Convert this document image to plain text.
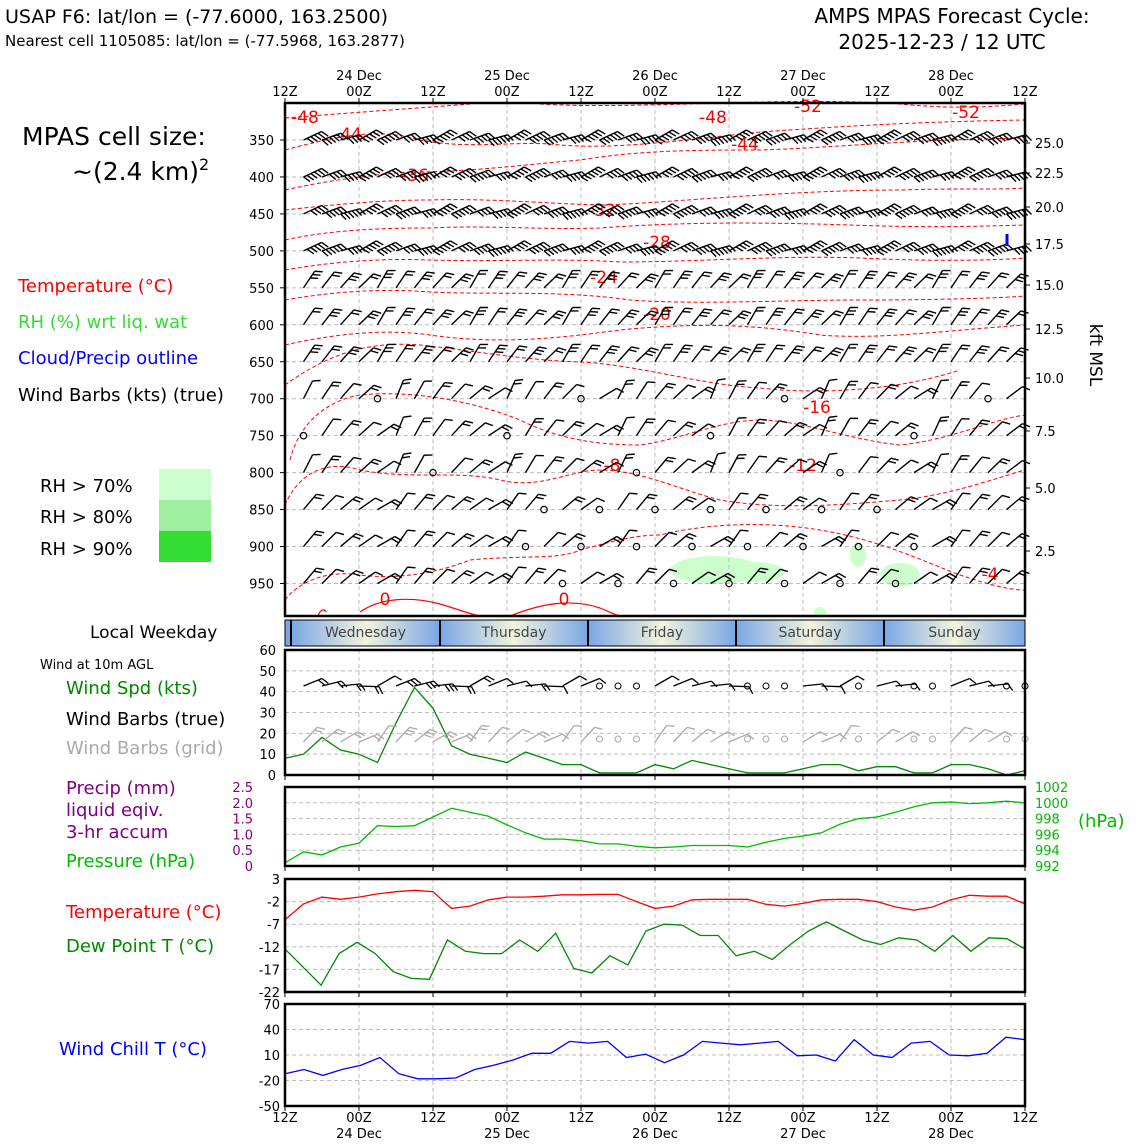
USAP F6: lat/lon = (-77.6000, 163.2500)
Nearest cell 1105085: lat/lon = (-77.5968, 163.2877)
AMPS MPAS Forecast Cycle:
2025-12-23 / 12 UTC
MPAS cell size:
~(2.4 km)$^2$
Temperature (°C)
RH (%) wrt liq. wat
Cloud/Precip outline
Wind Barbs (kts) (true)
RH > 70%
RH > 80%
RH > 90%
Local Weekday
Wind at 10m AGL
Wind Spd (kts)
Wind Barbs (true)
Wind Barbs (grid)
Precip (mm)
liquid eqiv.
3-hr accum
Pressure (hPa)
Temperature (°C)
Dew Point T (°C)
Wind Chill T (°C)
kft MSL
(hPa)
12Z	00Z	12Z	00Z	12Z	00Z	12Z	00Z	12Z	00Z	12Z
24 Dec	25 Dec	26 Dec	27 Dec	28 Dec
12Z	00Z	12Z	00Z	12Z	00Z	12Z	00Z	12Z	00Z	12Z
24 Dec	25 Dec	26 Dec	27 Dec	28 Dec
350
400
450
500
550
600
650
700
750
800
850
900
950
25.0
22.5
20.0
17.5
15.0
12.5
10.0
7.5
5.0
2.5
-48
-44
-36
-32
-28
-24
-20
-16
-12
-8
-4
0	0
-48
-44
-52	-52
Wednesday	Thursday	Friday	Saturday	Sunday
0
10
20
30
40
50
60
0
0.5
1.0
1.5
2.0
2.5
992
994
996
998
1000
1002
3
-2
-7
-12
-17
-22
70
40
10
-20
-50
